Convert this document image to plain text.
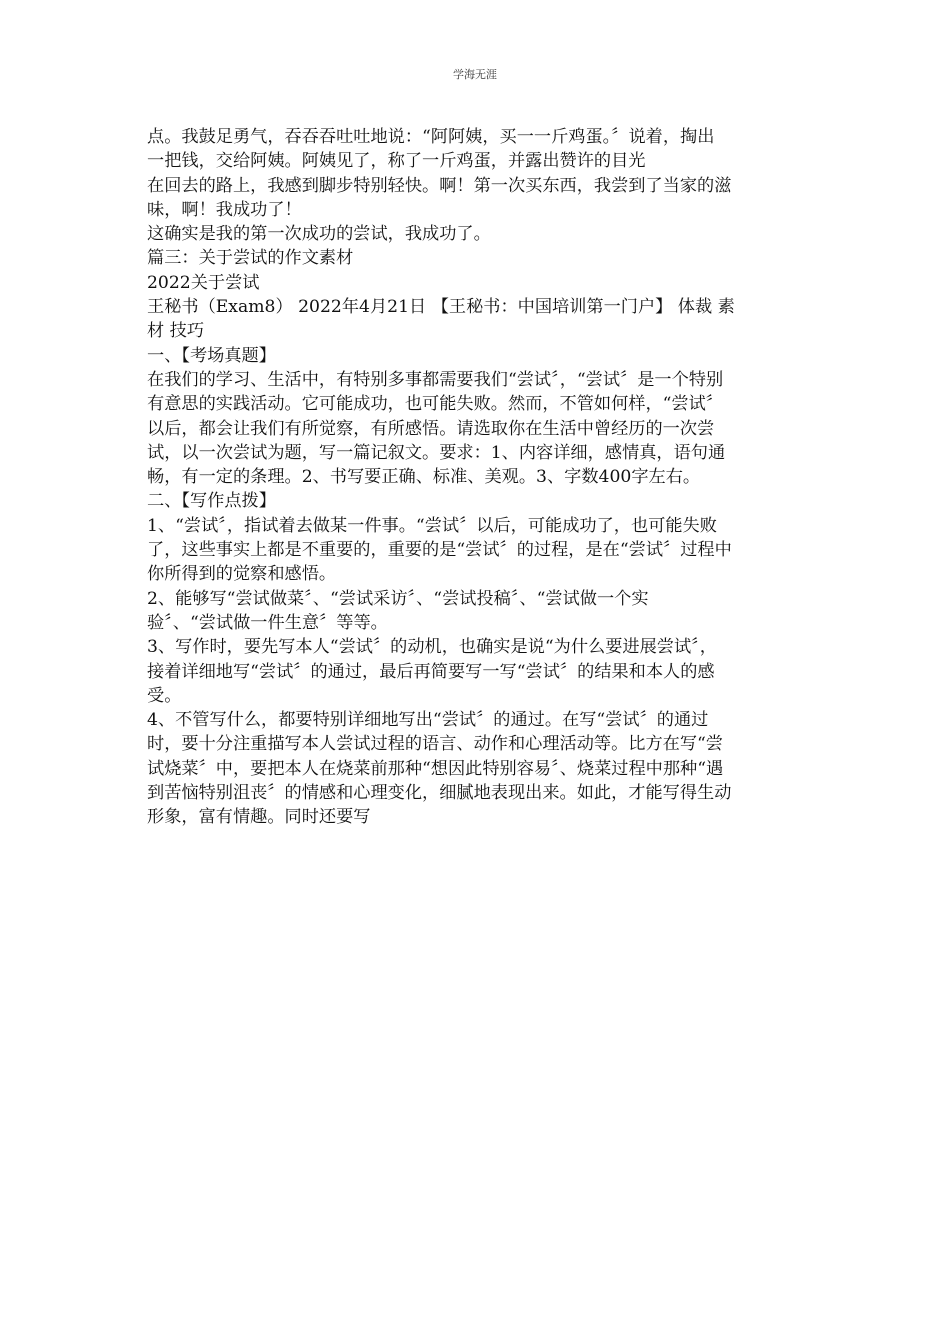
学海无涯
点。我鼓足勇气，吞吞吞吐吐地说：“阿阿姨，买一一斤鸡蛋。〞说着，掏出
一把钱，交给阿姨。阿姨见了，称了一斤鸡蛋，并露出赞许的目光
在回去的路上，我感到脚步特别轻快。啊！第一次买东西，我尝到了当家的滋
味，啊！我成功了！
这确实是我的第一次成功的尝试，我成功了。
篇三：关于尝试的作文素材
2022关于尝试
王秘书（Exam8） 2022年4月21日 【王秘书：中国培训第一门户】 体裁 素
材 技巧
一、【考场真题】
在我们的学习、生活中，有特别多事都需要我们“尝试〞，“尝试〞是一个特别
有意思的实践活动。它可能成功，也可能失败。然而，不管如何样，“尝试〞
以后，都会让我们有所觉察，有所感悟。请选取你在生活中曾经历的一次尝
试，以一次尝试为题，写一篇记叙文。要求：1、内容详细，感情真，语句通
畅，有一定的条理。2、书写要正确、标准、美观。3、字数400字左右。
二、【写作点拨】
1、“尝试〞，指试着去做某一件事。“尝试〞以后，可能成功了，也可能失败
了，这些事实上都是不重要的，重要的是“尝试〞的过程，是在“尝试〞过程中
你所得到的觉察和感悟。
2、能够写“尝试做菜〞、“尝试采访〞、“尝试投稿〞、“尝试做一个实
验〞、“尝试做一件生意〞等等。
3、写作时，要先写本人“尝试〞的动机，也确实是说“为什么要进展尝试〞，
接着详细地写“尝试〞的通过，最后再简要写一写“尝试〞的结果和本人的感
受。
4、不管写什么，都要特别详细地写出“尝试〞的通过。在写“尝试〞的通过
时，要十分注重描写本人尝试过程的语言、动作和心理活动等。比方在写“尝
试烧菜〞中，要把本人在烧菜前那种“想因此特别容易〞、烧菜过程中那种“遇
到苦恼特别沮丧〞的情感和心理变化，细腻地表现出来。如此，才能写得生动
形象，富有情趣。同时还要写
